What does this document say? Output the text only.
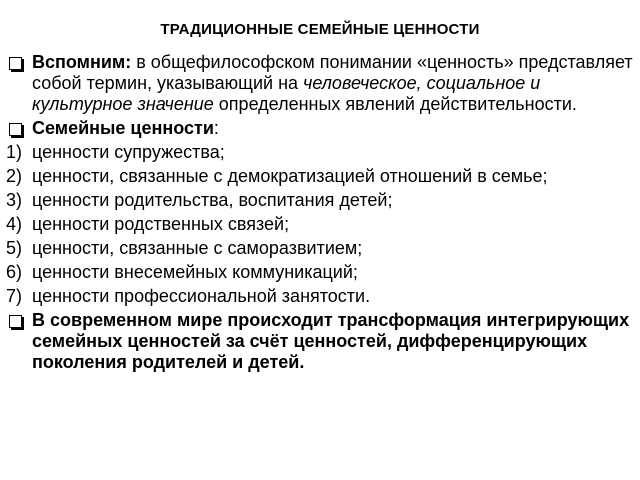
ТРАДИЦИОННЫЕ СЕМЕЙНЫЕ ЦЕННОСТИ
Вспомним: в общефилософском понимании «ценность» представляет собой термин, указывающий на человеческое, социальное и культурное значение определенных явлений действительности.
Семейные ценности:
1) ценности супружества;
2) ценности, связанные с демократизацией отношений в семье;
3) ценности родительства, воспитания детей;
4) ценности родственных связей;
5) ценности, связанные с саморазвитием;
6) ценности внесемейных коммуникаций;
7) ценности профессиональной занятости.
В современном мире происходит трансформация интегрирующих семейных ценностей за счёт ценностей, дифференцирующих поколения родителей и детей.
